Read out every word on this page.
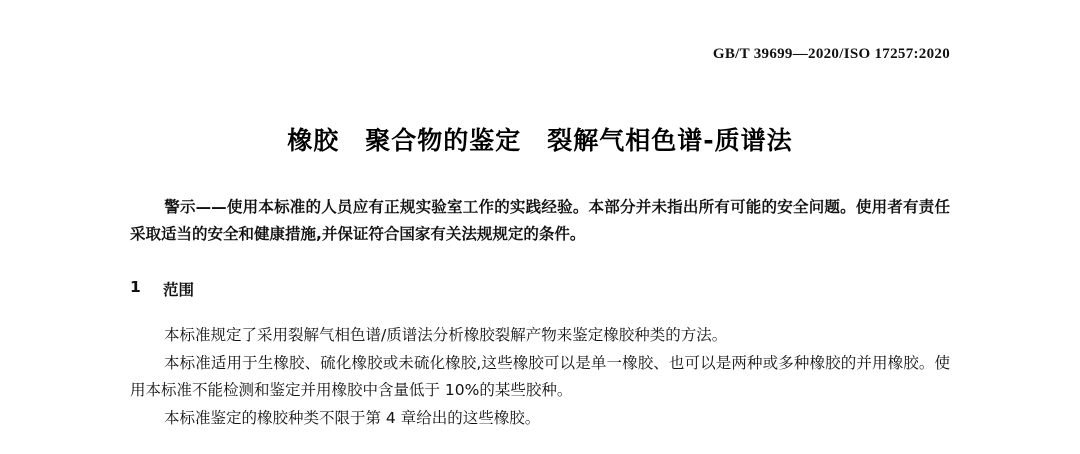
GB/T 39699—2020/ISO 17257:2020
橡胶　聚合物的鉴定　裂解气相色谱-质谱法
警示——使用本标准的人员应有正规实验室工作的实践经验。本部分并未指出所有可能的安全问题。使用者有责任采取适当的安全和健康措施,并保证符合国家有关法规规定的条件。
1	范围

本标准规定了采用裂解气相色谱/质谱法分析橡胶裂解产物来鉴定橡胶种类的方法。

本标准适用于生橡胶、硫化橡胶或未硫化橡胶,这些橡胶可以是单一橡胶、也可以是两种或多种橡胶的并用橡胶。使用本标准不能检测和鉴定并用橡胶中含量低于 10%的某些胶种。

本标准鉴定的橡胶种类不限于第 4 章给出的这些橡胶。
